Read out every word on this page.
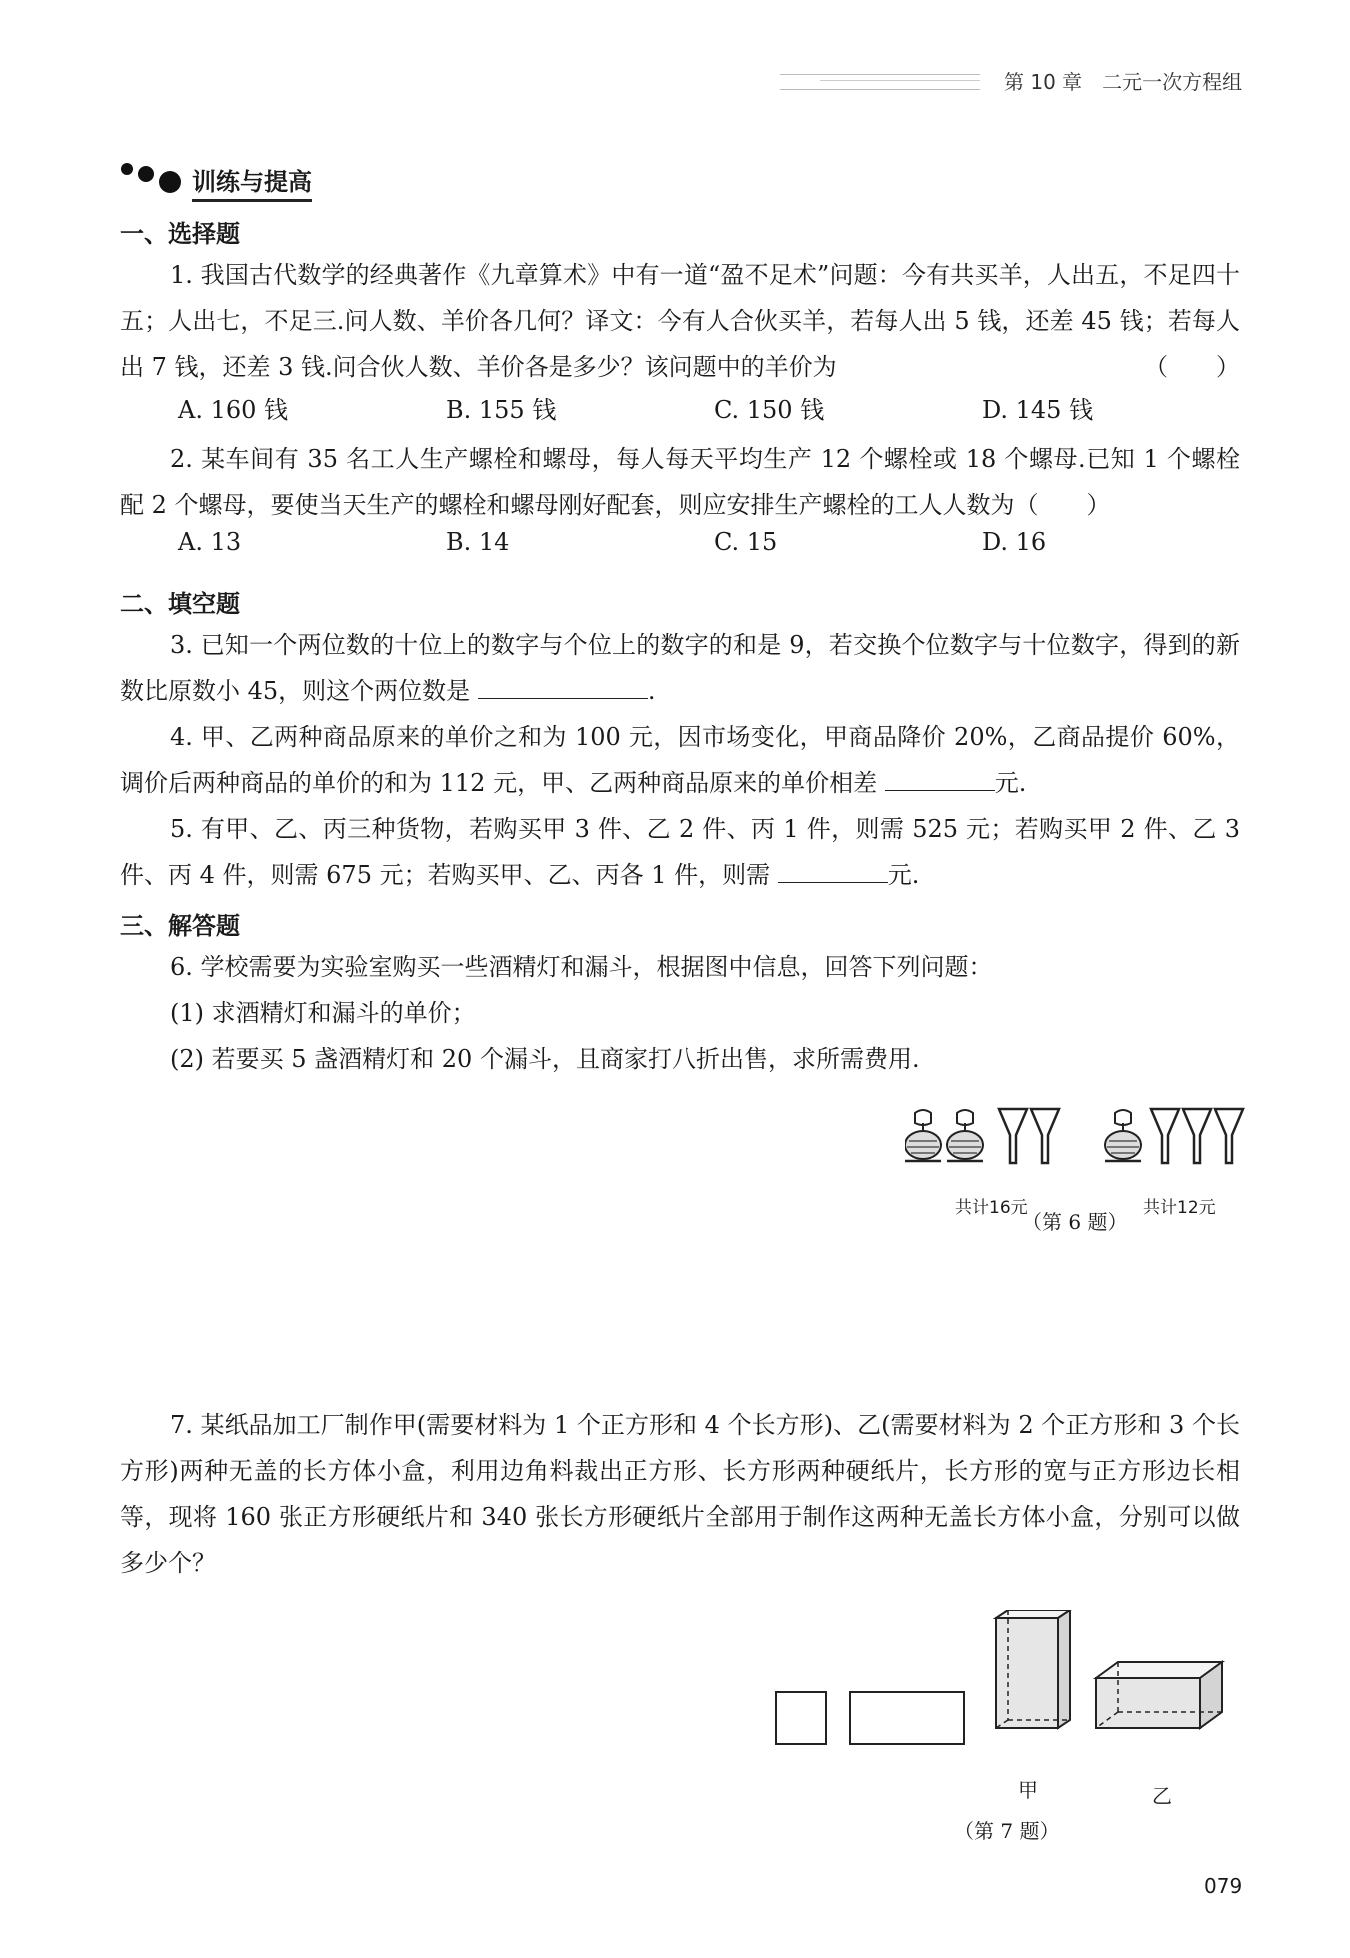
第 10 章　二元一次方程组
训练与提高
一、选择题
1. 我国古代数学的经典著作《九章算术》中有一道“盈不足术”问题：今有共买羊，人出五，不足四十五；人出七，不足三.问人数、羊价各几何？译文：今有人合伙买羊，若每人出 5 钱，还差 45 钱；若每人出 7 钱，还差 3 钱.问合伙人数、羊价各是多少？该问题中的羊价为	（　　）
A. 160 钱	B. 155 钱	C. 150 钱	D. 145 钱
2. 某车间有 35 名工人生产螺栓和螺母，每人每天平均生产 12 个螺栓或 18 个螺母.已知 1 个螺栓配 2 个螺母，要使当天生产的螺栓和螺母刚好配套，则应安排生产螺栓的工人人数为（　　）
A. 13	B. 14	C. 15	D. 16
二、填空题
3. 已知一个两位数的十位上的数字与个位上的数字的和是 9，若交换个位数字与十位数字，得到的新数比原数小 45，则这个两位数是	.
4. 甲、乙两种商品原来的单价之和为 100 元，因市场变化，甲商品降价 20%，乙商品提价 60%，调价后两种商品的单价的和为 112 元，甲、乙两种商品原来的单价相差	元.
5. 有甲、乙、丙三种货物，若购买甲 3 件、乙 2 件、丙 1 件，则需 525 元；若购买甲 2 件、乙 3 件、丙 4 件，则需 675 元；若购买甲、乙、丙各 1 件，则需	元.
三、解答题
6. 学校需要为实验室购买一些酒精灯和漏斗，根据图中信息，回答下列问题：
(1) 求酒精灯和漏斗的单价；
(2) 若要买 5 盏酒精灯和 20 个漏斗，且商家打八折出售，求所需费用.
共计16元	共计12元
（第 6 题）
7. 某纸品加工厂制作甲(需要材料为 1 个正方形和 4 个长方形)、乙(需要材料为 2 个正方形和 3 个长方形)两种无盖的长方体小盒，利用边角料裁出正方形、长方形两种硬纸片，长方形的宽与正方形边长相等，现将 160 张正方形硬纸片和 340 张长方形硬纸片全部用于制作这两种无盖长方体小盒，分别可以做多少个？
甲	乙
（第 7 题）
079
